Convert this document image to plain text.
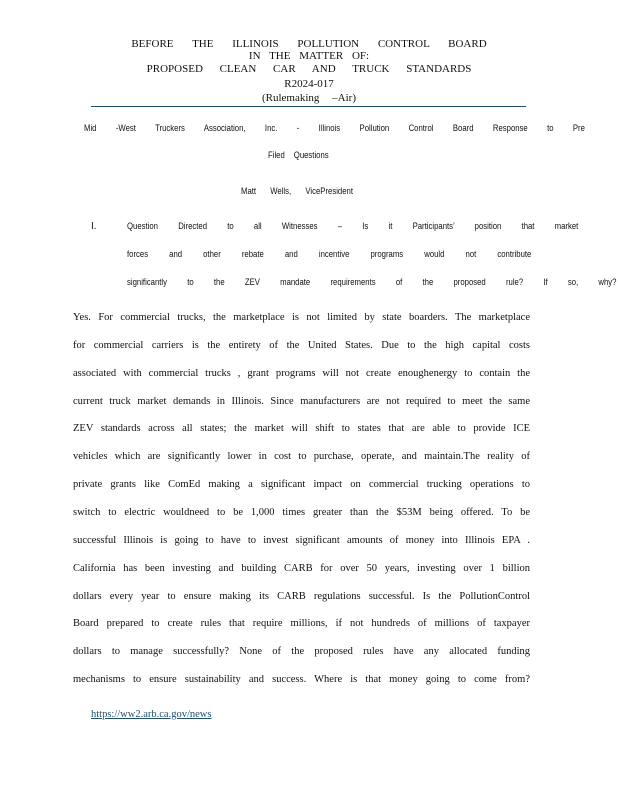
BEFORE THE ILLINOIS POLLUTION CONTROL BOARD
IN THE MATTER OF:
PROPOSED CLEAN CAR AND TRUCK STANDARDS
R2024-017
(Rulemaking –Air)
Mid -West Truckers Association, Inc. - Illinois Pollution Control Board Response to Pre
Filed Questions
Matt Wells, VicePresident
I.	Question Directed to all Witnesses – Is it Participants’ position that market
forces and other rebate and incentive programs would not contribute
significantly to the ZEV mandate requirements of the proposed rule? If so, why?
Yes. For commercial trucks, the marketplace is not limited by state boarders. The marketplace
for commercial carriers is the entirety of the United States. Due to the high capital costs
associated with commercial trucks , grant programs will not create enoughenergy to contain the
current truck market demands in Illinois. Since manufacturers are not required to meet the same
ZEV standards across all states; the market will shift to states that are able to provide ICE
vehicles which are significantly lower in cost to purchase, operate, and maintain.The reality of
private grants like ComEd making a significant impact on commercial trucking operations to
switch to electric wouldneed to be 1,000 times greater than the $53M being offered. To be
successful Illinois is going to have to invest significant amounts of money into Illinois EPA .
California has been investing and building CARB for over 50 years, investing over 1 billion
dollars every year to ensure making its CARB regulations successful. Is the PollutionControl
Board prepared to create rules that require millions, if not hundreds of millions of taxpayer
dollars to manage successfully? None of the proposed rules have any allocated funding
mechanisms to ensure sustainability and success. Where is that money going to come from?
https://ww2.arb.ca.gov/news
